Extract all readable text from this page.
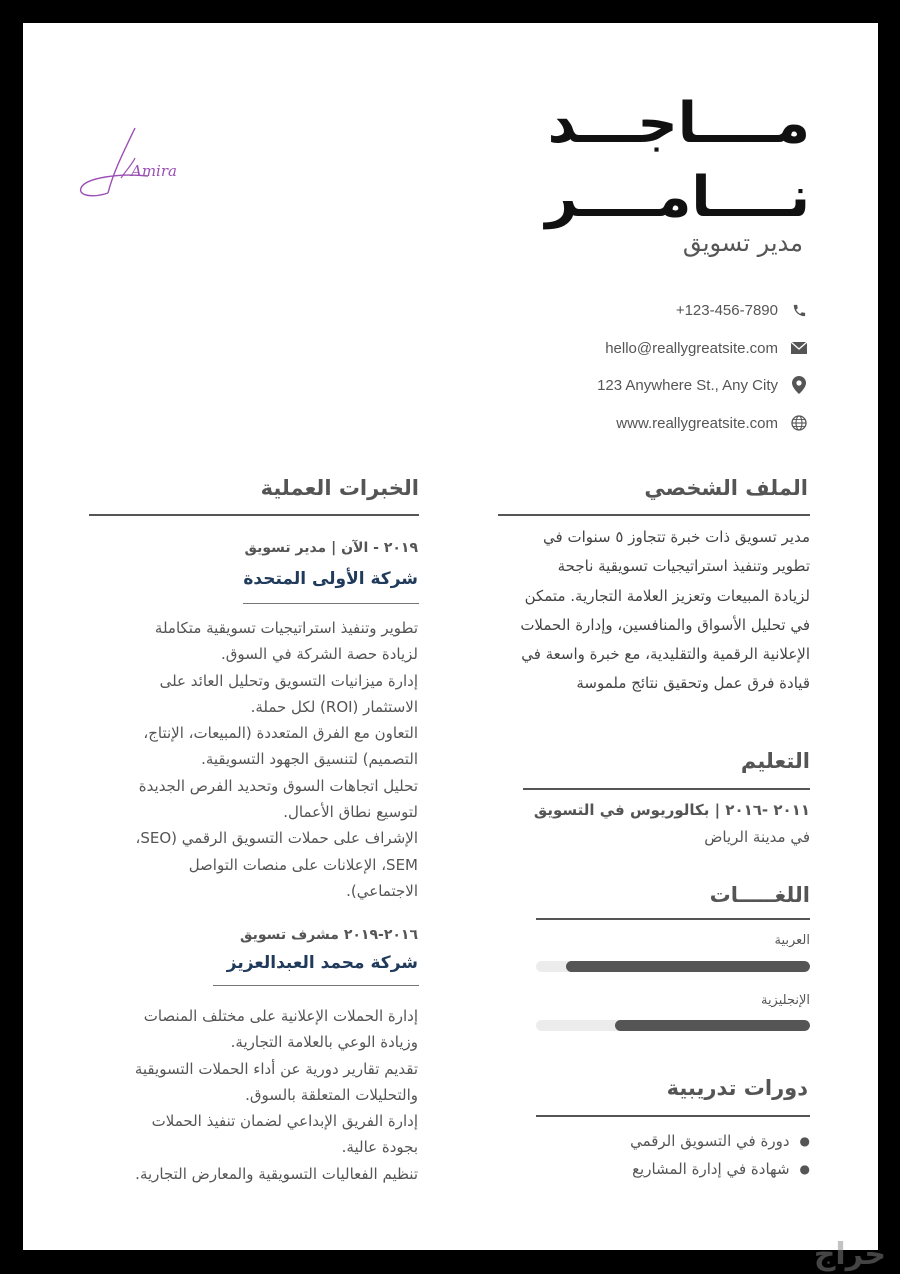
مــــاجـــد
نــــامــــر
مدير تسويق
Amira
+123-456-7890
hello@reallygreatsite.com
123 Anywhere St., Any City
www.reallygreatsite.com
الملف الشخصي
مدير تسويق ذات خبرة تتجاوز ٥ سنوات في تطوير وتنفيذ استراتيجيات تسويقية ناجحة لزيادة المبيعات وتعزيز العلامة التجارية. متمكن في تحليل الأسواق والمنافسين، وإدارة الحملات الإعلانية الرقمية والتقليدية، مع خبرة واسعة في قيادة فرق عمل وتحقيق نتائج ملموسة
التعليم
٢٠١١ -٢٠١٦ | بكالوريوس في التسويق
في مدينة الرياض
اللغـــــات
العربية
الإنجليزية
دورات تدريبية
●
دورة في التسويق الرقمي
●
شهادة في إدارة المشاريع
الخبرات العملية
٢٠١٩ - الآن | مدير تسويق
شركة الأولى المتحدة
تطوير وتنفيذ استراتيجيات تسويقية متكاملة
لزيادة حصة الشركة في السوق.
إدارة ميزانيات التسويق وتحليل العائد على
الاستثمار (ROI) لكل حملة.
التعاون مع الفرق المتعددة (المبيعات، الإنتاج،
التصميم) لتنسيق الجهود التسويقية.
تحليل اتجاهات السوق وتحديد الفرص الجديدة
لتوسيع نطاق الأعمال.
الإشراف على حملات التسويق الرقمي (SEO،
SEM، الإعلانات على منصات التواصل
الاجتماعي).
٢٠١٦-٢٠١٩ مشرف تسويق
شركة محمد العبدالعزيز
إدارة الحملات الإعلانية على مختلف المنصات
وزيادة الوعي بالعلامة التجارية.
تقديم تقارير دورية عن أداء الحملات التسويقية
والتحليلات المتعلقة بالسوق.
إدارة الفريق الإبداعي لضمان تنفيذ الحملات
بجودة عالية.
تنظيم الفعاليات التسويقية والمعارض التجارية.
حراج
